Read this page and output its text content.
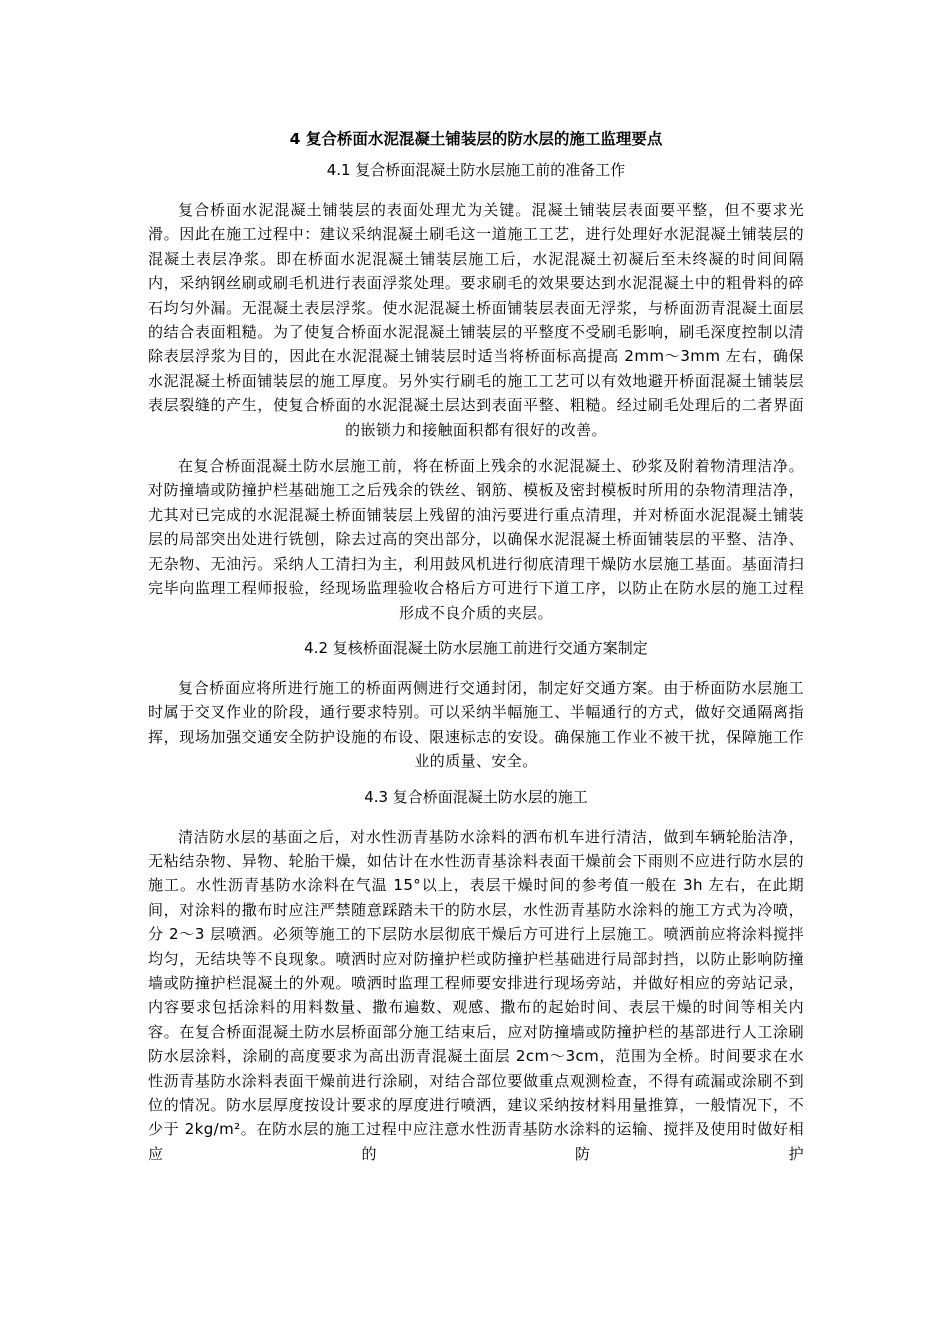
4 复合桥面水泥混凝土铺装层的防水层的施工监理要点
4.1 复合桥面混凝土防水层施工前的准备工作

复合桥面水泥混凝土铺装层的表面处理尤为关键。混凝土铺装层表面要平整，但不要求光滑。因此在施工过程中：建议采纳混凝土刷毛这一道施工工艺，进行处理好水泥混凝土铺装层的混凝土表层净浆。即在桥面水泥混凝土铺装层施工后，水泥混凝土初凝后至未终凝的时间间隔内，采纳钢丝刷或刷毛机进行表面浮浆处理。要求刷毛的效果要达到水泥混凝土中的粗骨料的碎石均匀外漏。无混凝土表层浮浆。使水泥混凝土桥面铺装层表面无浮浆，与桥面沥青混凝土面层的结合表面粗糙。为了使复合桥面水泥混凝土铺装层的平整度不受刷毛影响，刷毛深度控制以清除表层浮浆为目的，因此在水泥混凝土铺装层时适当将桥面标高提高 2mm～3mm 左右，确保水泥混凝土桥面铺装层的施工厚度。另外实行刷毛的施工工艺可以有效地避开桥面混凝土铺装层表层裂缝的产生，使复合桥面的水泥混凝土层达到表面平整、粗糙。经过刷毛处理后的二者界面的嵌锁力和接触面积都有很好的改善。

在复合桥面混凝土防水层施工前，将在桥面上残余的水泥混凝土、砂浆及附着物清理洁净。对防撞墙或防撞护栏基础施工之后残余的铁丝、钢筋、模板及密封模板时所用的杂物清理洁净，尤其对已完成的水泥混凝土桥面铺装层上残留的油污要进行重点清理，并对桥面水泥混凝土铺装层的局部突出处进行铣刨，除去过高的突出部分，以确保水泥混凝土桥面铺装层的平整、洁净、无杂物、无油污。采纳人工清扫为主，利用鼓风机进行彻底清理干燥防水层施工基面。基面清扫完毕向监理工程师报验，经现场监理验收合格后方可进行下道工序，以防止在防水层的施工过程形成不良介质的夹层。

4.2 复核桥面混凝土防水层施工前进行交通方案制定

复合桥面应将所进行施工的桥面两侧进行交通封闭，制定好交通方案。由于桥面防水层施工时属于交叉作业的阶段，通行要求特别。可以采纳半幅施工、半幅通行的方式，做好交通隔离指挥，现场加强交通安全防护设施的布设、限速标志的安设。确保施工作业不被干扰，保障施工作业的质量、安全。

4.3 复合桥面混凝土防水层的施工

清洁防水层的基面之后，对水性沥青基防水涂料的洒布机车进行清洁，做到车辆轮胎洁净，无粘结杂物、异物、轮胎干燥，如估计在水性沥青基涂料表面干燥前会下雨则不应进行防水层的施工。水性沥青基防水涂料在气温 15°以上，表层干燥时间的参考值一般在 3h 左右，在此期间，对涂料的撒布时应注严禁随意踩踏未干的防水层，水性沥青基防水涂料的施工方式为冷喷，分 2～3 层喷洒。必须等施工的下层防水层彻底干燥后方可进行上层施工。喷洒前应将涂料搅拌均匀，无结块等不良现象。喷洒时应对防撞护栏或防撞护栏基础进行局部封挡，以防止影响防撞墙或防撞护栏混凝土的外观。喷洒时监理工程师要安排进行现场旁站，并做好相应的旁站记录，内容要求包括涂料的用料数量、撒布遍数、观感、撒布的起始时间、表层干燥的时间等相关内容。在复合桥面混凝土防水层桥面部分施工结束后，应对防撞墙或防撞护栏的基部进行人工涂刷防水层涂料，涂刷的高度要求为高出沥青混凝土面层 2cm～3cm，范围为全桥。时间要求在水性沥青基防水涂料表面干燥前进行涂刷，对结合部位要做重点观测检查，不得有疏漏或涂刷不到位的情况。防水层厚度按设计要求的厚度进行喷洒，建议采纳按材料用量推算，一般情况下，不少于 2kg/m²。在防水层的施工过程中应注意水性沥青基防水涂料的运输、搅拌及使用时做好相应的防护
